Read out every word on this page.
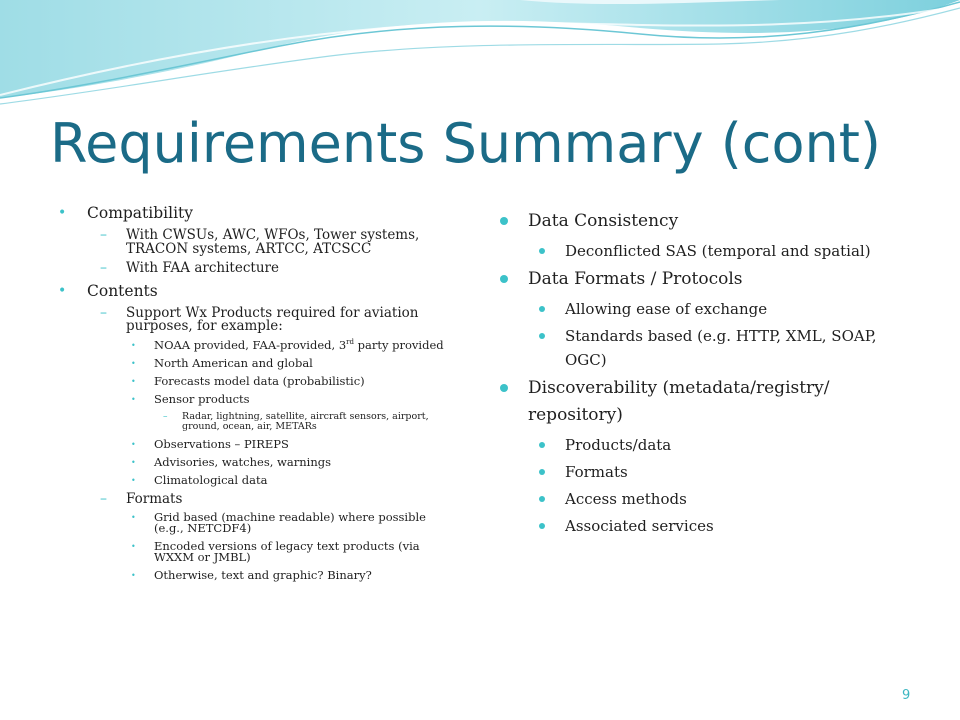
Requirements Summary (cont)
• Compatibility
– With CWSUs, AWC, WFOs, Tower systems, TRACON systems, ARTCC, ATCSCC
– With FAA architecture
• Contents
– Support Wx Products required for aviation purposes, for example:
• NOAA provided, FAA-provided, 3rd party provided
• North American and global
• Forecasts model data (probabilistic)
• Sensor products
– Radar, lightning, satellite, aircraft sensors, airport, ground, ocean, air, METARs
• Observations – PIREPS
• Advisories, watches, warnings
• Climatological data
– Formats
• Grid based (machine readable) where possible (e.g., NETCDF4)
• Encoded versions of legacy text products (via WXXM or JMBL)
• Otherwise, text and graphic? Binary?
Data Consistency
Deconflicted SAS (temporal and spatial)
Data Formats / Protocols
Allowing ease of exchange
Standards based (e.g. HTTP, XML, SOAP, OGC)
Discoverability (metadata/registry/ repository)
Products/data
Formats
Access methods
Associated services
9
